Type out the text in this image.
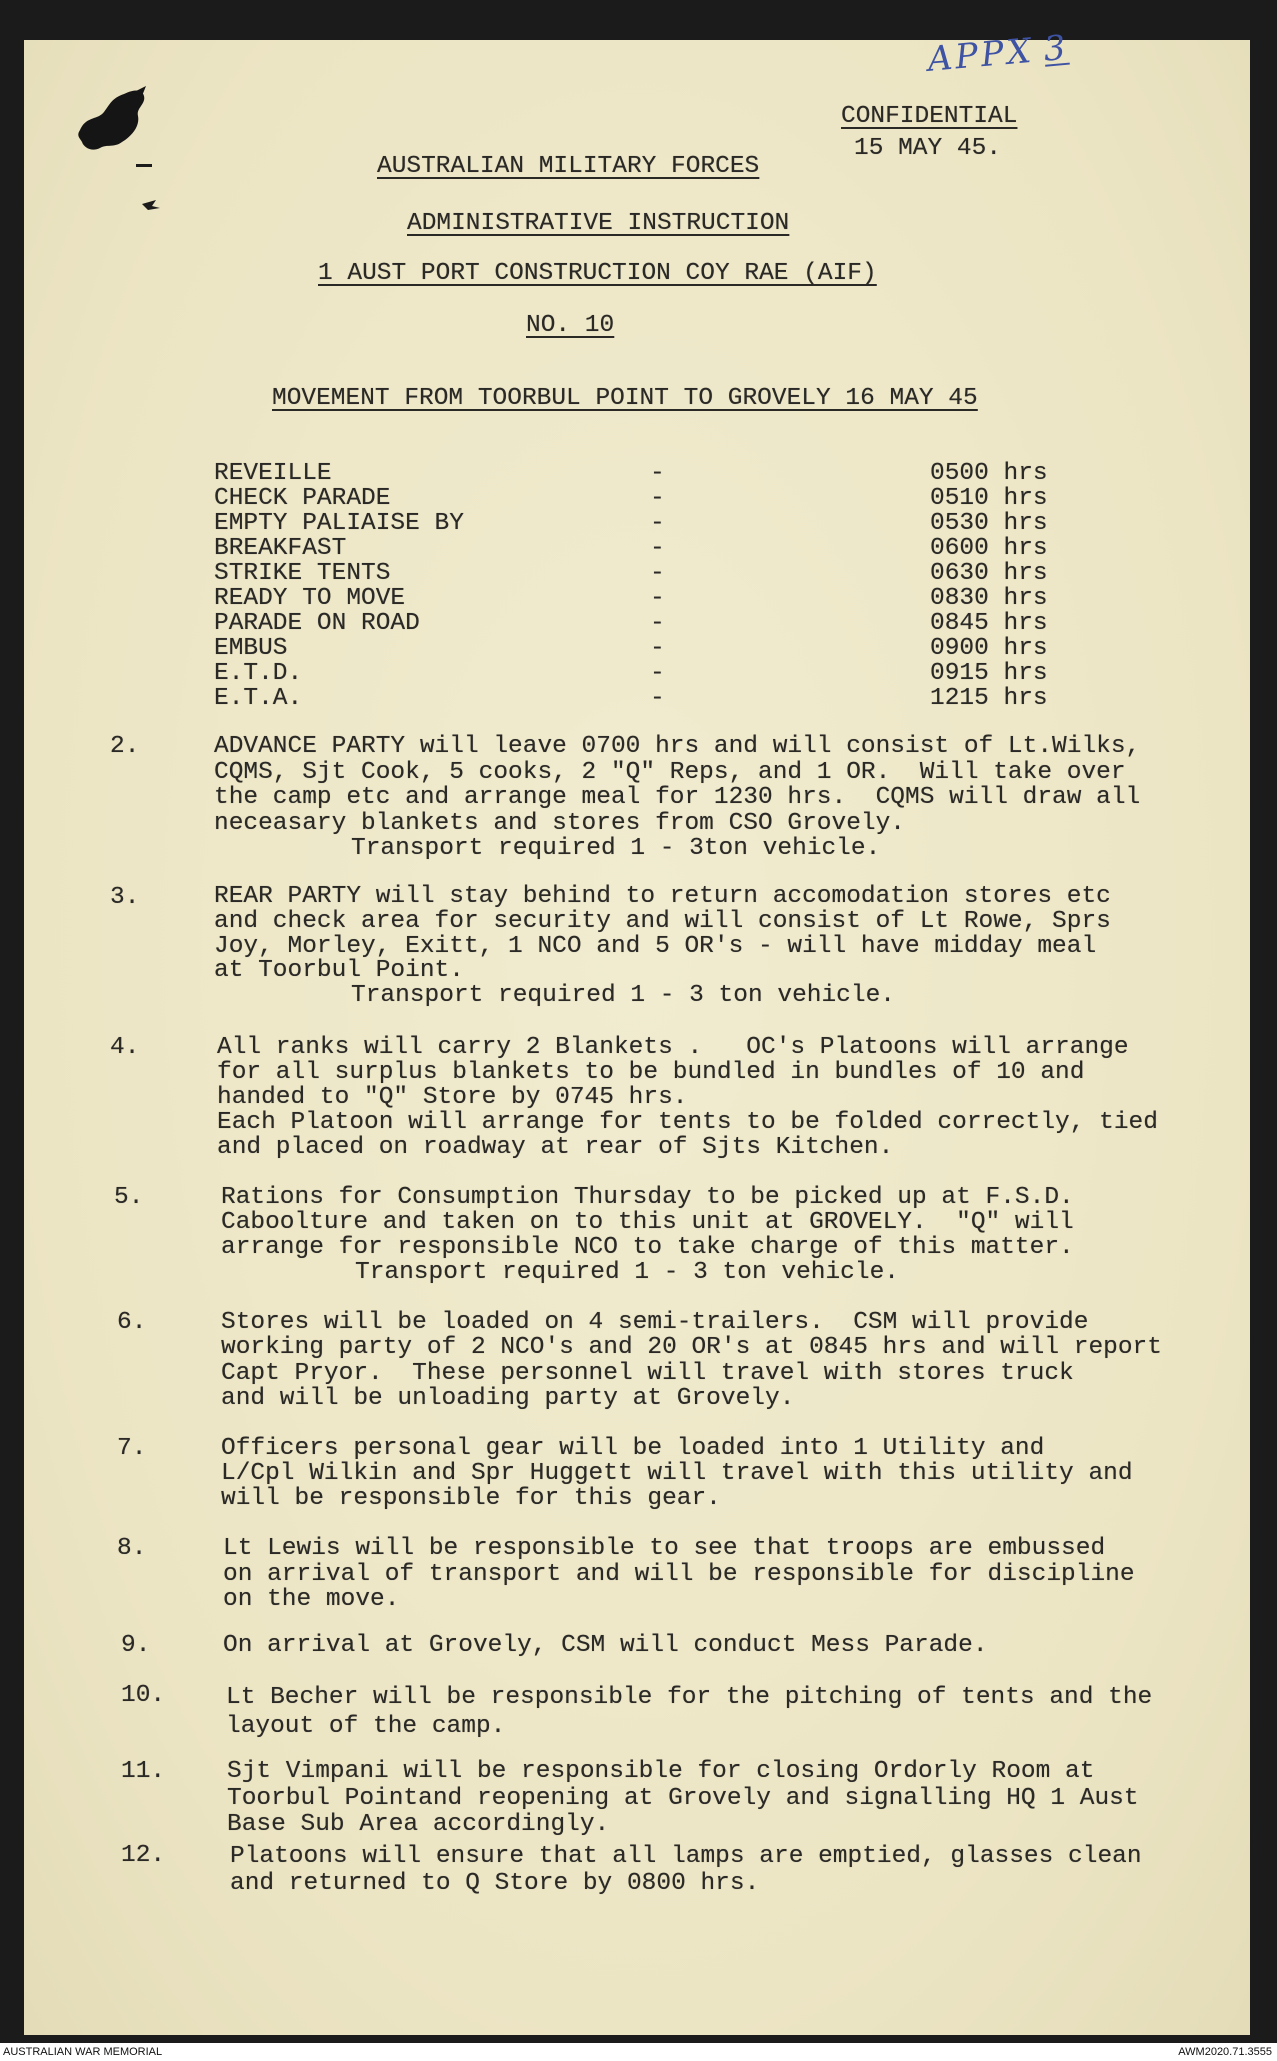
APPX 3
CONFIDENTIAL
15 MAY 45.
AUSTRALIAN MILITARY FORCES
ADMINISTRATIVE INSTRUCTION
1 AUST PORT CONSTRUCTION COY RAE (AIF)
NO. 10
MOVEMENT FROM TOORBUL POINT TO GROVELY 16 MAY 45
REVEILLE	-	0500 hrs
CHECK PARADE	-	0510 hrs
EMPTY PALIAISE BY	-	0530 hrs
BREAKFAST	-	0600 hrs
STRIKE TENTS	-	0630 hrs
READY TO MOVE	-	0830 hrs
PARADE ON ROAD	-	0845 hrs
EMBUS	-	0900 hrs
E.T.D.	-	0915 hrs
E.T.A.	-	1215 hrs
2.	ADVANCE PARTY will leave 0700 hrs and will consist of Lt.Wilks,
CQMS, Sjt Cook, 5 cooks, 2 "Q" Reps, and 1 OR.  Will take over
the camp etc and arrange meal for 1230 hrs.  CQMS will draw all
neceasary blankets and stores from CSO Grovely.
Transport required 1 - 3ton vehicle.
3.	REAR PARTY will stay behind to return accomodation stores etc
and check area for security and will consist of Lt Rowe, Sprs
Joy, Morley, Exitt, 1 NCO and 5 OR's - will have midday meal
at Toorbul Point.
Transport required 1 - 3 ton vehicle.
4.	All ranks will carry 2 Blankets .   OC's Platoons will arrange
for all surplus blankets to be bundled in bundles of 10 and
handed to "Q" Store by 0745 hrs.
Each Platoon will arrange for tents to be folded correctly, tied
and placed on roadway at rear of Sjts Kitchen.
5.	Rations for Consumption Thursday to be picked up at F.S.D.
Caboolture and taken on to this unit at GROVELY.  "Q" will
arrange for responsible NCO to take charge of this matter.
Transport required 1 - 3 ton vehicle.
6.	Stores will be loaded on 4 semi-trailers.  CSM will provide
working party of 2 NCO's and 20 OR's at 0845 hrs and will report
Capt Pryor.  These personnel will travel with stores truck
and will be unloading party at Grovely.
7.	Officers personal gear will be loaded into 1 Utility and
L/Cpl Wilkin and Spr Huggett will travel with this utility and
will be responsible for this gear.
8.	Lt Lewis will be responsible to see that troops are embussed
on arrival of transport and will be responsible for discipline
on the move.
9.	On arrival at Grovely, CSM will conduct Mess Parade.
10. Lt Becher will be responsible for the pitching of tents and the
layout of the camp.
11.	Sjt Vimpani will be responsible for closing Ordorly Room at
Toorbul Pointand reopening at Grovely and signalling HQ 1 Aust
Base Sub Area accordingly.
12.	Platoons will ensure that all lamps are emptied, glasses clean
and returned to Q Store by 0800 hrs.
AUSTRALIAN WAR MEMORIAL	AWM2020.71.3555
